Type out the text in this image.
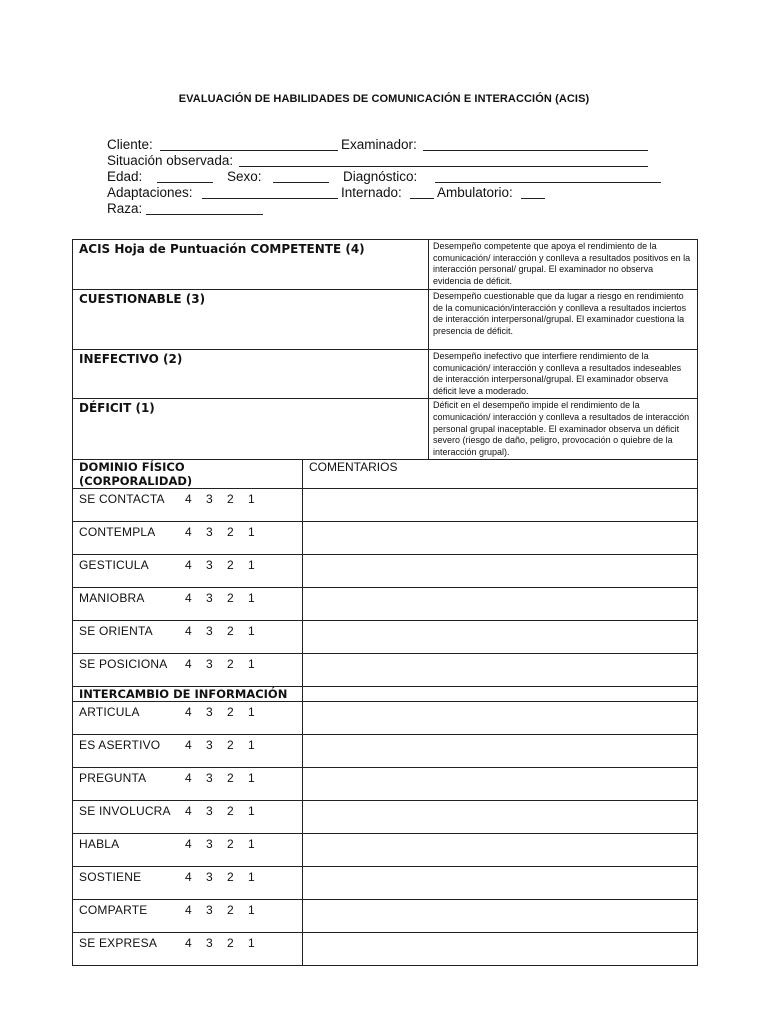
EVALUACIÓN DE HABILIDADES DE COMUNICACIÓN E INTERACCIÓN (ACIS)
Cliente:	Examinador:
Situación observada:
Edad:	Sexo:	Diagnóstico:
Adaptaciones:	Internado:	Ambulatorio:
Raza:
ACIS Hoja de Puntuación COMPETENTE (4)	Desempeño competente que apoya el rendimiento de la comunicación/ interacción y conlleva a resultados positivos en la interacción personal/ grupal. El examinador no observa evidencia de déficit.
CUESTIONABLE (3)	Desempeño cuestionable que da lugar a riesgo en rendimiento de la comunicación/interacción y conlleva a resultados inciertos de interacción interpersonal/grupal. El examinador cuestiona la presencia de déficit.
INEFECTIVO (2)	Desempeño inefectivo que interfiere rendimiento de la comunicación/ interacción y conlleva a resultados indeseables de interacción interpersonal/grupal. El examinador observa déficit leve a moderado.
DÉFICIT (1)	Déficit en el desempeño impide el rendimiento de la comunicación/ interacción y conlleva a resultados de interacción personal grupal inaceptable. El examinador observa un déficit severo (riesgo de daño, peligro, provocación o quiebre de la interacción grupal).
DOMINIO FÍSICO (CORPORALIDAD)	COMENTARIOS

SE CONTACTA 4 3 2 1	

CONTEMPLA 4 3 2 1	

GESTICULA 4 3 2 1	

MANIOBRA 4 3 2 1	

SE ORIENTA 4 3 2 1	

SE POSICIONA 4 3 2 1	

INTERCAMBIO DE INFORMACIÓN	

ARTICULA 4 3 2 1	

ES ASERTIVO 4 3 2 1	

PREGUNTA 4 3 2 1	

SE INVOLUCRA 4 3 2 1	

HABLA 4 3 2 1	

SOSTIENE 4 3 2 1	

COMPARTE 4 3 2 1	

SE EXPRESA 4 3 2 1	
